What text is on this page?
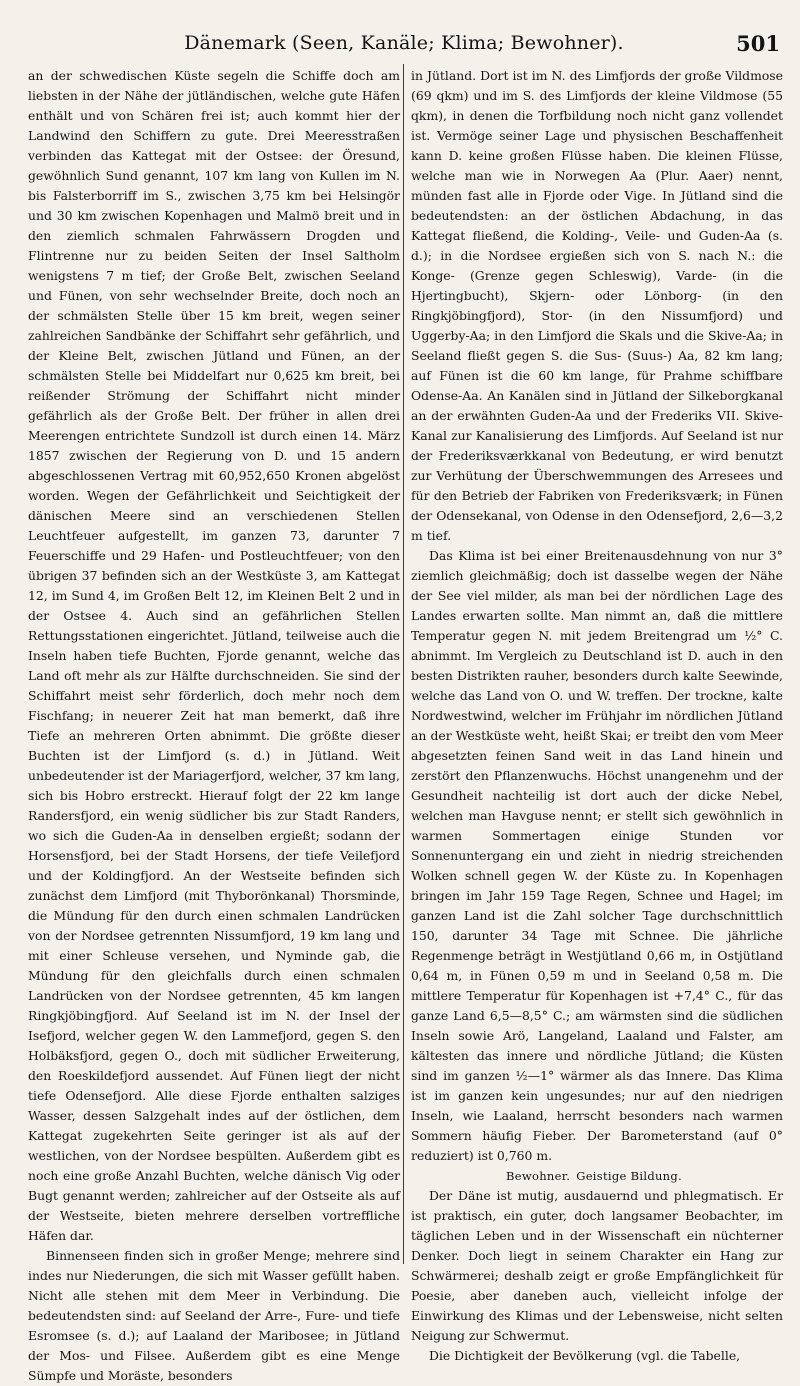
Dänemark (Seen, Kanäle; Klima; Bewohner).	501

an der schwedischen Küste segeln die Schiffe doch am liebsten in der Nähe der jütländischen, welche gute Häfen enthält und von Schären frei ist; auch kommt hier der Landwind den Schiffern zu gute. Drei Meeresstraßen verbinden das Kattegat mit der Ostsee: der Öresund, gewöhnlich Sund genannt, 107 km lang von Kullen im N. bis Falsterborriff im S., zwischen 3,75 km bei Helsingör und 30 km zwischen Kopenhagen und Malmö breit und in den ziemlich schmalen Fahrwässern Drogden und Flintrenne nur zu beiden Seiten der Insel Saltholm wenigstens 7 m tief; der Große Belt, zwischen Seeland und Fünen, von sehr wechselnder Breite, doch noch an der schmälsten Stelle über 15 km breit, wegen seiner zahlreichen Sandbänke der Schiffahrt sehr gefährlich, und der Kleine Belt, zwischen Jütland und Fünen, an der schmälsten Stelle bei Middelfart nur 0,625 km breit, bei reißender Strömung der Schiffahrt nicht minder gefährlich als der Große Belt. Der früher in allen drei Meerengen entrichtete Sundzoll ist durch einen 14. März 1857 zwischen der Regierung von D. und 15 andern abgeschlossenen Vertrag mit 60,952,650 Kronen abgelöst worden. Wegen der Gefährlichkeit und Seichtigkeit der dänischen Meere sind an verschiedenen Stellen Leuchtfeuer aufgestellt, im ganzen 73, darunter 7 Feuerschiffe und 29 Hafen- und Postleuchtfeuer; von den übrigen 37 befinden sich an der Westküste 3, am Kattegat 12, im Sund 4, im Großen Belt 12, im Kleinen Belt 2 und in der Ostsee 4. Auch sind an gefährlichen Stellen Rettungsstationen eingerichtet. Jütland, teilweise auch die Inseln haben tiefe Buchten, Fjorde genannt, welche das Land oft mehr als zur Hälfte durchschneiden. Sie sind der Schiffahrt meist sehr förderlich, doch mehr noch dem Fischfang; in neuerer Zeit hat man bemerkt, daß ihre Tiefe an mehreren Orten abnimmt. Die größte dieser Buchten ist der Limfjord (s. d.) in Jütland. Weit unbedeutender ist der Mariagerfjord, welcher, 37 km lang, sich bis Hobro erstreckt. Hierauf folgt der 22 km lange Randersfjord, ein wenig südlicher bis zur Stadt Randers, wo sich die Guden-Aa in denselben ergießt; sodann der Horsensfjord, bei der Stadt Horsens, der tiefe Veilefjord und der Koldingfjord. An der Westseite befinden sich zunächst dem Limfjord (mit Thyborönkanal) Thorsminde, die Mündung für den durch einen schmalen Landrücken von der Nordsee getrennten Nissumfjord, 19 km lang und mit einer Schleuse versehen, und Nyminde gab, die Mündung für den gleichfalls durch einen schmalen Landrücken von der Nordsee getrennten, 45 km langen Ringkjöbingfjord. Auf Seeland ist im N. der Insel der Isefjord, welcher gegen W. den Lammefjord, gegen S. den Holbäksfjord, gegen O., doch mit südlicher Erweiterung, den Roeskildefjord aussendet. Auf Fünen liegt der nicht tiefe Odensefjord. Alle diese Fjorde enthalten salziges Wasser, dessen Salzgehalt indes auf der östlichen, dem Kattegat zugekehrten Seite geringer ist als auf der westlichen, von der Nordsee bespülten. Außerdem gibt es noch eine große Anzahl Buchten, welche dänisch Vig oder Bugt genannt werden; zahlreicher auf der Ostseite als auf der Westseite, bieten mehrere derselben vortreffliche Häfen dar.

Binnenseen finden sich in großer Menge; mehrere sind indes nur Niederungen, die sich mit Wasser gefüllt haben. Nicht alle stehen mit dem Meer in Verbindung. Die bedeutendsten sind: auf Seeland der Arre-, Fure- und tiefe Esromsee (s. d.); auf Laaland der Maribosee; in Jütland der Mos- und Filsee. Außerdem gibt es eine Menge Sümpfe und Moräste, besonders

in Jütland. Dort ist im N. des Limfjords der große Vildmose (69 qkm) und im S. des Limfjords der kleine Vildmose (55 qkm), in denen die Torfbildung noch nicht ganz vollendet ist. Vermöge seiner Lage und physischen Beschaffenheit kann D. keine großen Flüsse haben. Die kleinen Flüsse, welche man wie in Norwegen Aa (Plur. Aaer) nennt, münden fast alle in Fjorde oder Vige. In Jütland sind die bedeutendsten: an der östlichen Abdachung, in das Kattegat fließend, die Kolding-, Veile- und Guden-Aa (s. d.); in die Nordsee ergießen sich von S. nach N.: die Konge- (Grenze gegen Schleswig), Varde- (in die Hjertingbucht), Skjern- oder Lönborg- (in den Ringkjöbingfjord), Stor- (in den Nissumfjord) und Uggerby-Aa; in den Limfjord die Skals und die Skive-Aa; in Seeland fließt gegen S. die Sus- (Suus-) Aa, 82 km lang; auf Fünen ist die 60 km lange, für Prahme schiffbare Odense-Aa. An Kanälen sind in Jütland der Silkeborgkanal an der erwähnten Guden-Aa und der Frederiks VII. Skive-Kanal zur Kanalisierung des Limfjords. Auf Seeland ist nur der Frederiksværkkanal von Bedeutung, er wird benutzt zur Verhütung der Überschwemmungen des Arresees und für den Betrieb der Fabriken von Frederiksværk; in Fünen der Odensekanal, von Odense in den Odensefjord, 2,6—3,2 m tief.

Das Klima ist bei einer Breitenausdehnung von nur 3° ziemlich gleichmäßig; doch ist dasselbe wegen der Nähe der See viel milder, als man bei der nördlichen Lage des Landes erwarten sollte. Man nimmt an, daß die mittlere Temperatur gegen N. mit jedem Breitengrad um ½° C. abnimmt. Im Vergleich zu Deutschland ist D. auch in den besten Distrikten rauher, besonders durch kalte Seewinde, welche das Land von O. und W. treffen. Der trockne, kalte Nordwestwind, welcher im Frühjahr im nördlichen Jütland an der Westküste weht, heißt Skai; er treibt den vom Meer abgesetzten feinen Sand weit in das Land hinein und zerstört den Pflanzenwuchs. Höchst unangenehm und der Gesundheit nachteilig ist dort auch der dicke Nebel, welchen man Havguse nennt; er stellt sich gewöhnlich in warmen Sommertagen einige Stunden vor Sonnenuntergang ein und zieht in niedrig streichenden Wolken schnell gegen W. der Küste zu. In Kopenhagen bringen im Jahr 159 Tage Regen, Schnee und Hagel; im ganzen Land ist die Zahl solcher Tage durchschnittlich 150, darunter 34 Tage mit Schnee. Die jährliche Regenmenge beträgt in Westjütland 0,66 m, in Ostjütland 0,64 m, in Fünen 0,59 m und in Seeland 0,58 m. Die mittlere Temperatur für Kopenhagen ist +7,4° C., für das ganze Land 6,5—8,5° C.; am wärmsten sind die südlichen Inseln sowie Arö, Langeland, Laaland und Falster, am kältesten das innere und nördliche Jütland; die Küsten sind im ganzen ½—1° wärmer als das Innere. Das Klima ist im ganzen kein ungesundes; nur auf den niedrigen Inseln, wie Laaland, herrscht besonders nach warmen Sommern häufig Fieber. Der Barometerstand (auf 0° reduziert) ist 0,760 m.

Bewohner. Geistige Bildung.

Der Däne ist mutig, ausdauernd und phlegmatisch. Er ist praktisch, ein guter, doch langsamer Beobachter, im täglichen Leben und in der Wissenschaft ein nüchterner Denker. Doch liegt in seinem Charakter ein Hang zur Schwärmerei; deshalb zeigt er große Empfänglichkeit für Poesie, aber daneben auch, vielleicht infolge der Einwirkung des Klimas und der Lebensweise, nicht selten Neigung zur Schwermut.

Die Dichtigkeit der Bevölkerung (vgl. die Tabelle,
